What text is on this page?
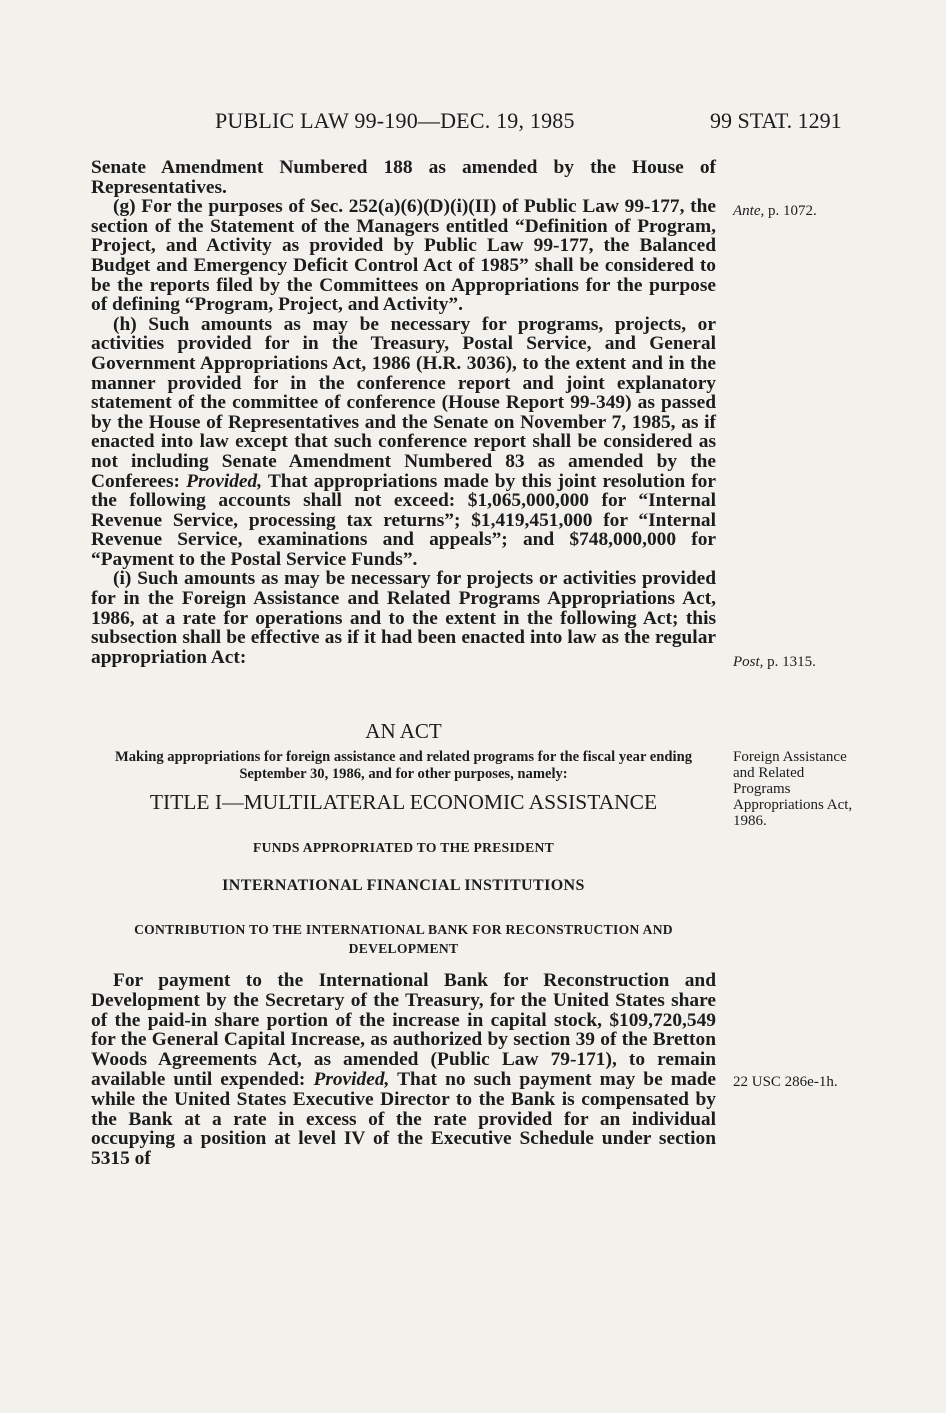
PUBLIC LAW 99-190—DEC. 19, 1985	99 STAT. 1291

Senate Amendment Numbered 188 as amended by the House of Representatives.

(g) For the purposes of Sec. 252(a)(6)(D)(i)(II) of Public Law 99-177, the section of the Statement of the Managers entitled “Definition of Program, Project, and Activity as provided by Public Law 99-177, the Balanced Budget and Emergency Deficit Control Act of 1985” shall be considered to be the reports filed by the Committees on Appropriations for the purpose of defining “Program, Project, and Activity”.

(h) Such amounts as may be necessary for programs, projects, or activities provided for in the Treasury, Postal Service, and General Government Appropriations Act, 1986 (H.R. 3036), to the extent and in the manner provided for in the conference report and joint explanatory statement of the committee of conference (House Report 99-349) as passed by the House of Representatives and the Senate on November 7, 1985, as if enacted into law except that such conference report shall be considered as not including Senate Amendment Numbered 83 as amended by the Conferees: Provided, That appropriations made by this joint resolution for the following accounts shall not exceed: $1,065,000,000 for “Internal Revenue Service, processing tax returns”; $1,419,451,000 for “Internal Revenue Service, examinations and appeals”; and $748,000,000 for “Payment to the Postal Service Funds”.

(i) Such amounts as may be necessary for projects or activities provided for in the Foreign Assistance and Related Programs Appropriations Act, 1986, at a rate for operations and to the extent in the following Act; this subsection shall be effective as if it had been enacted into law as the regular appropriation Act:

Ante, p. 1072.
Post, p. 1315.
Foreign Assistance and Related Programs Appropriations Act, 1986.
22 USC 286e-1h.
AN ACT
Making appropriations for foreign assistance and related programs for the fiscal year ending September 30, 1986, and for other purposes, namely:
TITLE I—MULTILATERAL ECONOMIC ASSISTANCE
FUNDS APPROPRIATED TO THE PRESIDENT
INTERNATIONAL FINANCIAL INSTITUTIONS
CONTRIBUTION TO THE INTERNATIONAL BANK FOR RECONSTRUCTION AND DEVELOPMENT

For payment to the International Bank for Reconstruction and Development by the Secretary of the Treasury, for the United States share of the paid-in share portion of the increase in capital stock, $109,720,549 for the General Capital Increase, as authorized by section 39 of the Bretton Woods Agreements Act, as amended (Public Law 79-171), to remain available until expended: Provided, That no such payment may be made while the United States Executive Director to the Bank is compensated by the Bank at a rate in excess of the rate provided for an individual occupying a position at level IV of the Executive Schedule under section 5315 of
